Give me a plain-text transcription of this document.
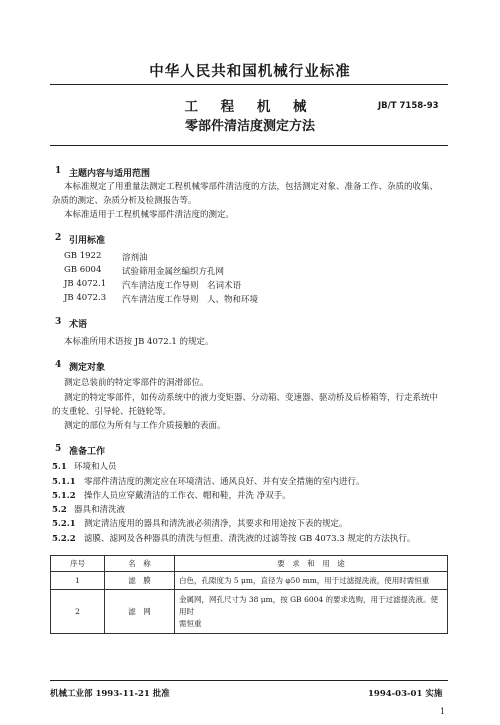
中华人民共和国机械行业标准
工 程 机 械
零部件清洁度测定方法
JB/T 7158-93
1 主题内容与适用范围
本标准规定了用重量法测定工程机械零部件清洁度的方法，包括测定对象、准备工作、杂质的收集、
杂质的测定、杂质分析及检测报告等。
本标准适用于工程机械零部件清洁度的测定。
2 引用标准
GB 1922 溶剂油
GB 6004 试验筛用金属丝编织方孔网
JB 4072.1 汽车清洁度工作导则　名词术语
JB 4072.3 汽车清洁度工作导则　人、物和环境
3 术语
本标准所用术语按 JB 4072.1 的规定。
4 测定对象
测定总装前的特定零部件的洞滑部位。
测定的特定零部件，如传动系统中的液力变矩器、分动箱、变速器、驱动桥及后桥箱等，行走系统中
的支重轮、引导轮、托链轮等。
测定的部位为所有与工作介质接触的表面。
5 准备工作
5.1 环境和人员
5.1.1 零部件清洁度的测定应在环境清洁、通风良好、并有安全措施的室内进行。
5.1.2 操作人员应穿戴清洁的工作衣、帽和鞋，并洗 净双手。
5.2 器具和清洗液
5.2.1 测定清洁度用的器具和清洗液必须清净，其要求和用途按下表的规定。
5.2.2 滤膜、滤网及各种器具的清洗与恒重、清洗液的过滤等按 GB 4073.3 规定的方法执行。
序号	名　称	要　求　和　用　途
1	滤　膜	白色，孔隙度为 5 μm，直径为 φ50 mm，用于过滤提洗液，使用时需恒重
2	滤　网	金属网，网孔尺寸为 38 μm，按 GB 6004 的要求选购，用于过滤提洗液。使用时
需恒重
机械工业部 1993-11-21 批准	1994-03-01 实施
1
